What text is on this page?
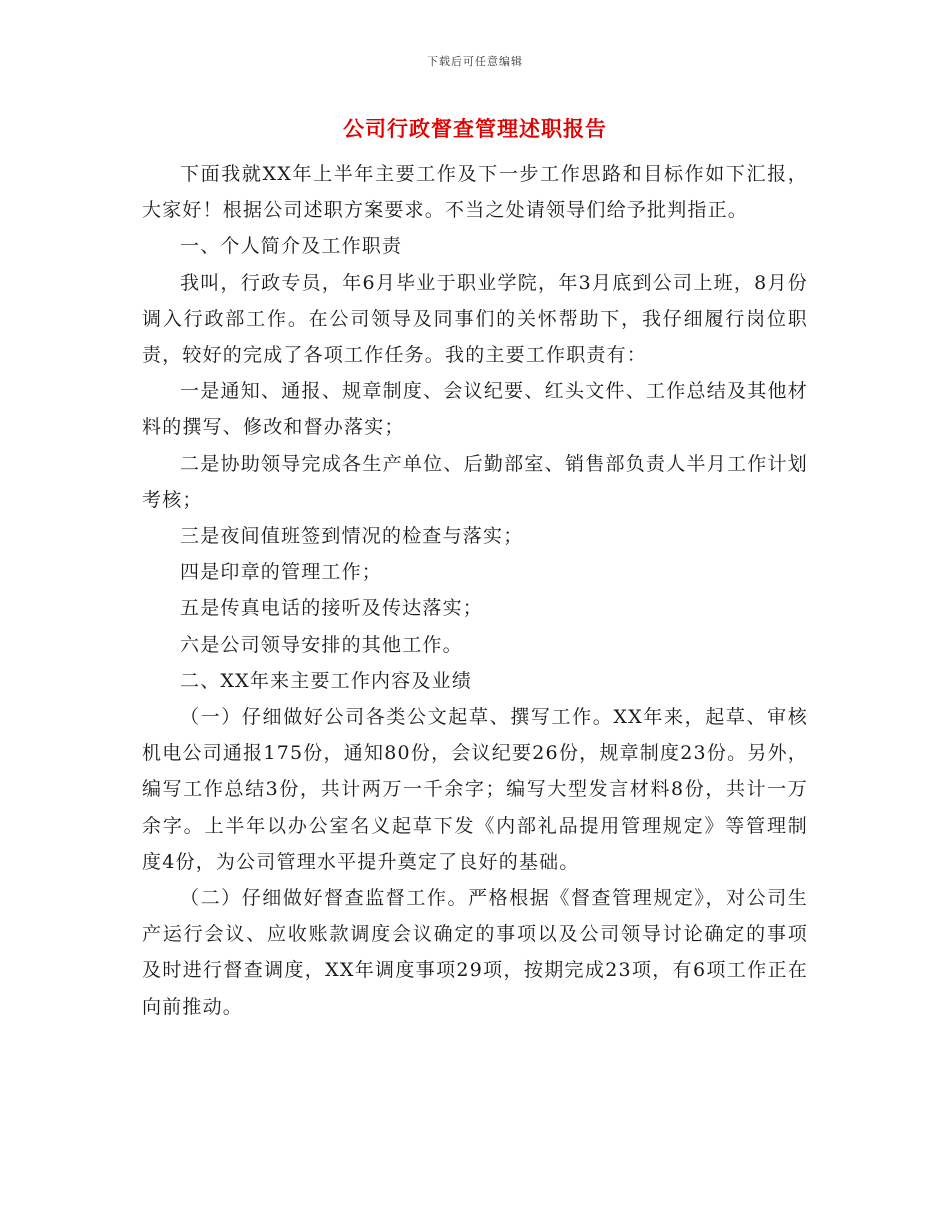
下载后可任意编辑
公司行政督查管理述职报告

下面我就XX年上半年主要工作及下一步工作思路和目标作如下汇报，大家好！根据公司述职方案要求。不当之处请领导们给予批判指正。

一、个人简介及工作职责

我叫，行政专员，年6月毕业于职业学院，年3月底到公司上班，8月份调入行政部工作。在公司领导及同事们的关怀帮助下，我仔细履行岗位职责，较好的完成了各项工作任务。我的主要工作职责有：

一是通知、通报、规章制度、会议纪要、红头文件、工作总结及其他材料的撰写、修改和督办落实；

二是协助领导完成各生产单位、后勤部室、销售部负责人半月工作计划考核；

三是夜间值班签到情况的检查与落实；

四是印章的管理工作；

五是传真电话的接听及传达落实；

六是公司领导安排的其他工作。

二、XX年来主要工作内容及业绩

（一）仔细做好公司各类公文起草、撰写工作。XX年来，起草、审核机电公司通报175份，通知80份，会议纪要26份，规章制度23份。另外，编写工作总结3份，共计两万一千余字；编写大型发言材料8份，共计一万余字。上半年以办公室名义起草下发《内部礼品提用管理规定》等管理制度4份，为公司管理水平提升奠定了良好的基础。

（二）仔细做好督查监督工作。严格根据《督查管理规定》，对公司生产运行会议、应收账款调度会议确定的事项以及公司领导讨论确定的事项及时进行督查调度，XX年调度事项29项，按期完成23项，有6项工作正在向前推动。
